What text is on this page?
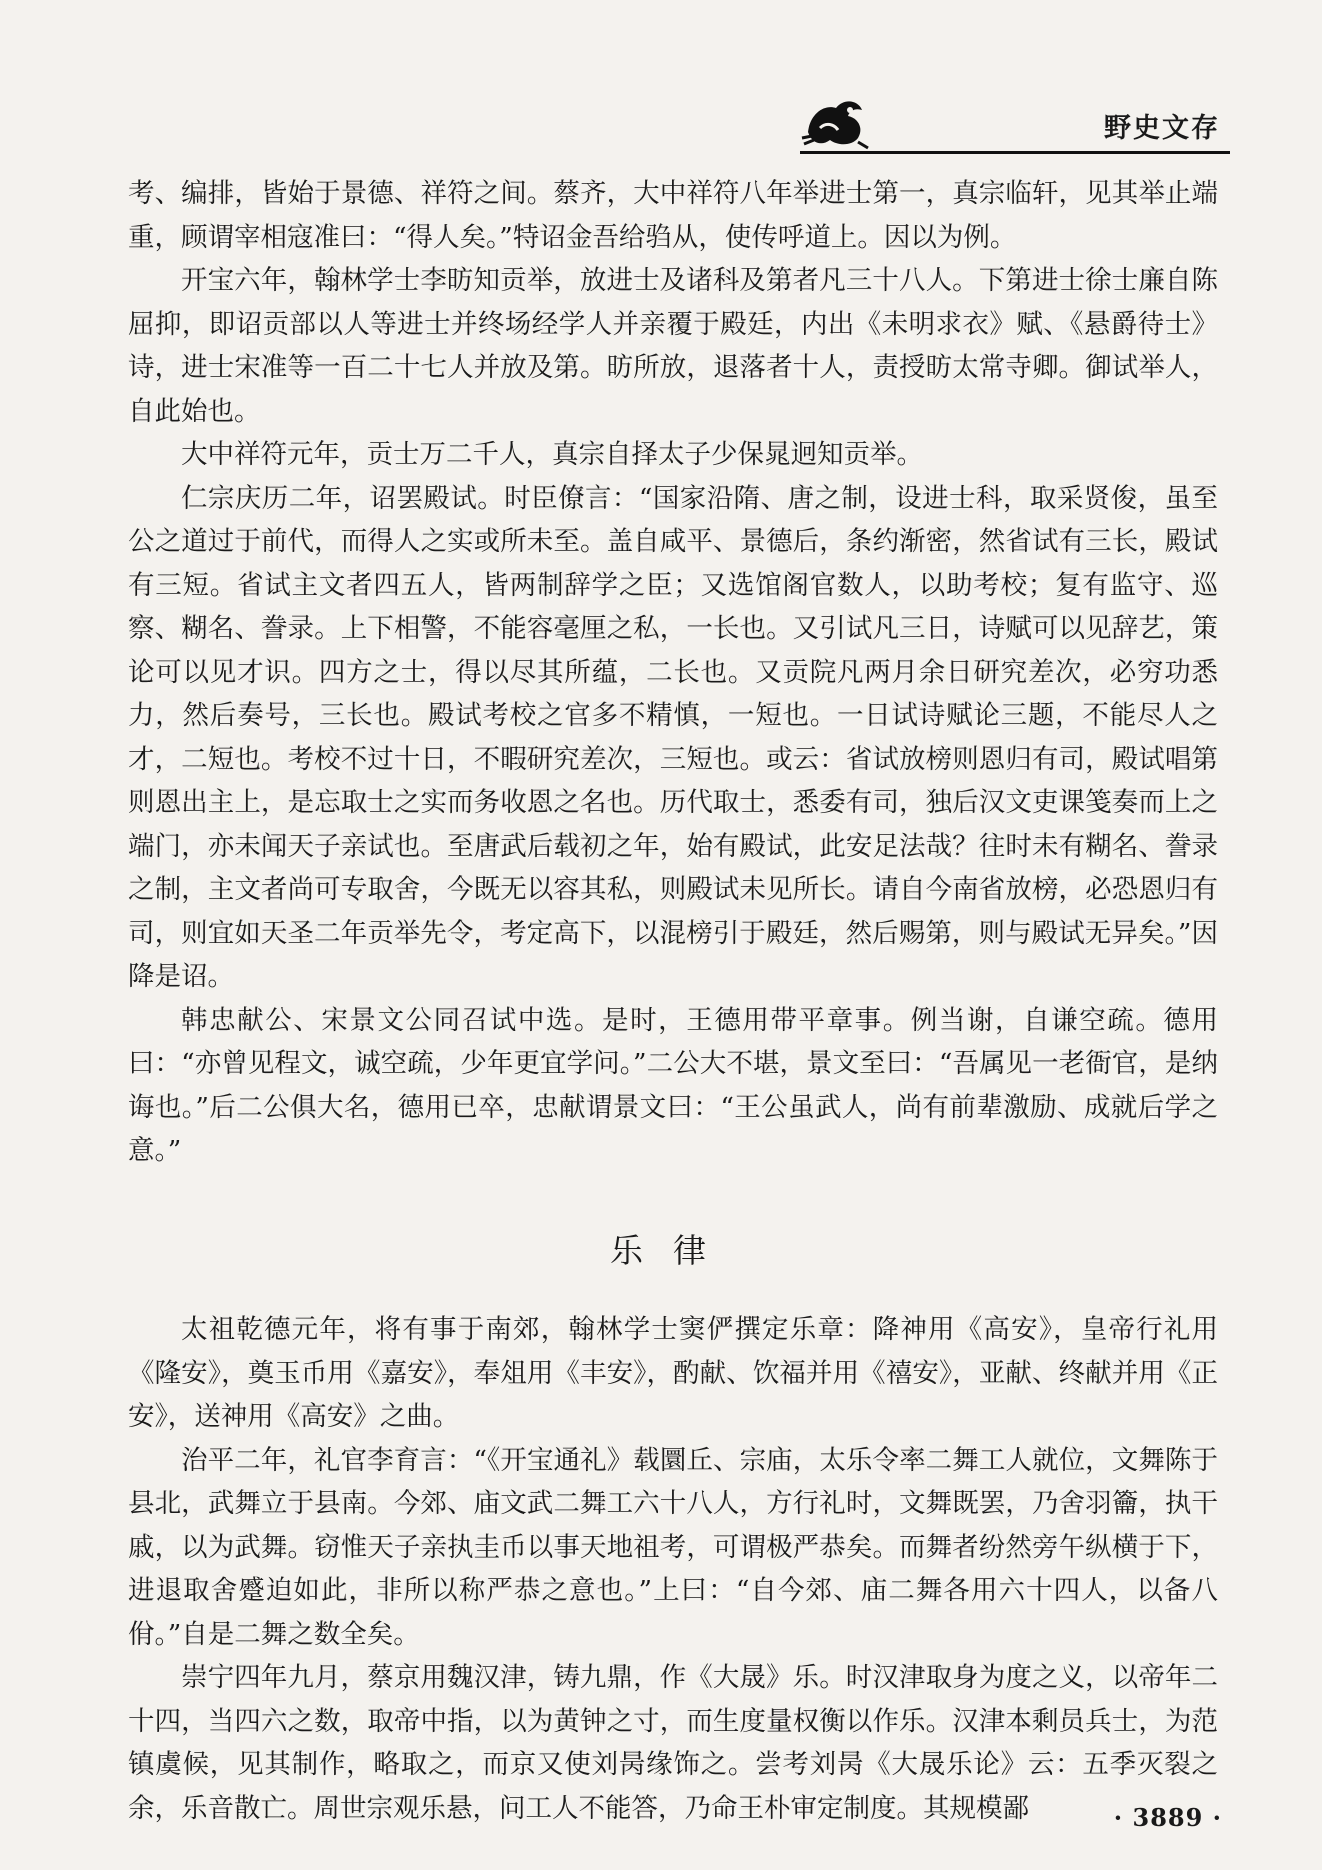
野史文存

考、编排，皆始于景德、祥符之间。蔡齐，大中祥符八年举进士第一，真宗临轩，见其举止端重，顾谓宰相寇准曰：“得人矣。”特诏金吾给驺从，使传呼道上。因以为例。

开宝六年，翰林学士李昉知贡举，放进士及诸科及第者凡三十八人。下第进士徐士廉自陈屈抑，即诏贡部以人等进士并终场经学人并亲覆于殿廷，内出《未明求衣》赋、《悬爵待士》诗，进士宋准等一百二十七人并放及第。昉所放，退落者十人，责授昉太常寺卿。御试举人，自此始也。

大中祥符元年，贡士万二千人，真宗自择太子少保晁迥知贡举。

仁宗庆历二年，诏罢殿试。时臣僚言：“国家沿隋、唐之制，设进士科，取采贤俊，虽至公之道过于前代，而得人之实或所未至。盖自咸平、景德后，条约渐密，然省试有三长，殿试有三短。省试主文者四五人，皆两制辞学之臣；又选馆阁官数人，以助考校；复有监守、巡察、糊名、誊录。上下相警，不能容毫厘之私，一长也。又引试凡三日，诗赋可以见辞艺，策论可以见才识。四方之士，得以尽其所蕴，二长也。又贡院凡两月余日研究差次，必穷功悉力，然后奏号，三长也。殿试考校之官多不精慎，一短也。一日试诗赋论三题，不能尽人之才，二短也。考校不过十日，不暇研究差次，三短也。或云：省试放榜则恩归有司，殿试唱第则恩出主上，是忘取士之实而务收恩之名也。历代取士，悉委有司，独后汉文吏课笺奏而上之端门，亦未闻天子亲试也。至唐武后载初之年，始有殿试，此安足法哉？往时未有糊名、誊录之制，主文者尚可专取舍，今既无以容其私，则殿试未见所长。请自今南省放榜，必恐恩归有司，则宜如天圣二年贡举先令，考定高下，以混榜引于殿廷，然后赐第，则与殿试无异矣。”因降是诏。

韩忠献公、宋景文公同召试中选。是时，王德用带平章事。例当谢，自谦空疏。德用曰：“亦曾见程文，诚空疏，少年更宜学问。”二公大不堪，景文至曰：“吾属见一老衙官，是纳诲也。”后二公俱大名，德用已卒，忠献谓景文曰：“王公虽武人，尚有前辈激励、成就后学之意。”

乐律

太祖乾德元年，将有事于南郊，翰林学士窦俨撰定乐章：降神用《高安》，皇帝行礼用《隆安》，奠玉币用《嘉安》，奉俎用《丰安》，酌献、饮福并用《禧安》，亚献、终献并用《正安》，送神用《高安》之曲。

治平二年，礼官李育言：“《开宝通礼》载圜丘、宗庙，太乐令率二舞工人就位，文舞陈于县北，武舞立于县南。今郊、庙文武二舞工六十八人，方行礼时，文舞既罢，乃舍羽籥，执干戚，以为武舞。窃惟天子亲执圭币以事天地祖考，可谓极严恭矣。而舞者纷然旁午纵横于下，进退取舍蹙迫如此，非所以称严恭之意也。”上曰：“自今郊、庙二舞各用六十四人，以备八佾。”自是二舞之数全矣。

崇宁四年九月，蔡京用魏汉津，铸九鼎，作《大晟》乐。时汉津取身为度之义，以帝年二十四，当四六之数，取帝中指，以为黄钟之寸，而生度量权衡以作乐。汉津本剩员兵士，为范镇虞候，见其制作，略取之，而京又使刘昺缘饰之。尝考刘昺《大晟乐论》云：五季灭裂之余，乐音散亡。周世宗观乐悬，问工人不能答，乃命王朴审定制度。其规模鄙	· 3889 ·
